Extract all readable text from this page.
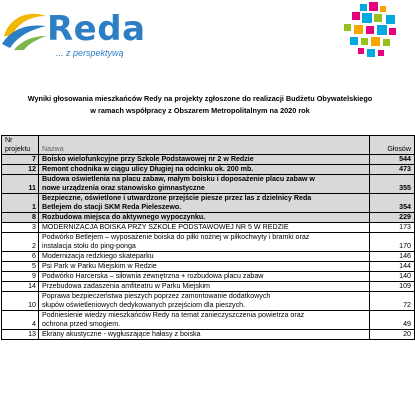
Reda
... z perspektywą
Wyniki głosowania mieszkańców Redy na projekty zgłoszone do realizacji Budżetu Obywatelskiego
w ramach współpracy z Obszarem Metropolitalnym na 2020 rok
Nr
projektu	Nazwa	Głosów
7	Boisko wielofunkcyjne przy Szkole Podstawowej nr 2 w Redzie	544
12	Remont chodnika w ciągu ulicy Długiej na odcinku ok. 200 mb.	473
11	Budowa oświetlenia na placu zabaw, małym boisku i doposażenie placu zabaw w
nowe urządzenia oraz stanowisko gimnastyczne	355
1	Bezpieczne, oświetlone i utwardzone przejście piesze przez las z dzielnicy Reda
Betlejem do stacji SKM Reda Pieleszewo.	354
8	Rozbudowa miejsca do aktywnego wypoczynku.	229
3	MODERNIZACJA BOISKA PRZY SZKOLE PODSTAWOWEJ NR 5 W REDZIE	173
2	Podwórko Betlejem – wyposażenie boiska do piłki nożnej w piłkochwyty i bramki oraz
instalacja stołu do ping-ponga	170
6	Modernizacja redzkiego skateparku	146
5	Psi Park w Parku Miejskim w Redzie	144
9	Podwórko Harcerska – siłownia zewnętrzna + rozbudowa placu zabaw	140
14	Przebudowa zadaszenia amfiteatru w Parku Miejskim	109
10	Poprawa bezpieczeństwa pieszych poprzez zamontowanie dodatkowych
słupów oświetleniowych dedykowanych przejściom dla pieszych.	72
4	Podniesienie wiedzy mieszkańców Redy na temat zanieczyszczenia powietrza oraz
ochrona przed smogiem.	49
13	Ekrany akustyczne - wygłuszające hałasy z boiska	20
